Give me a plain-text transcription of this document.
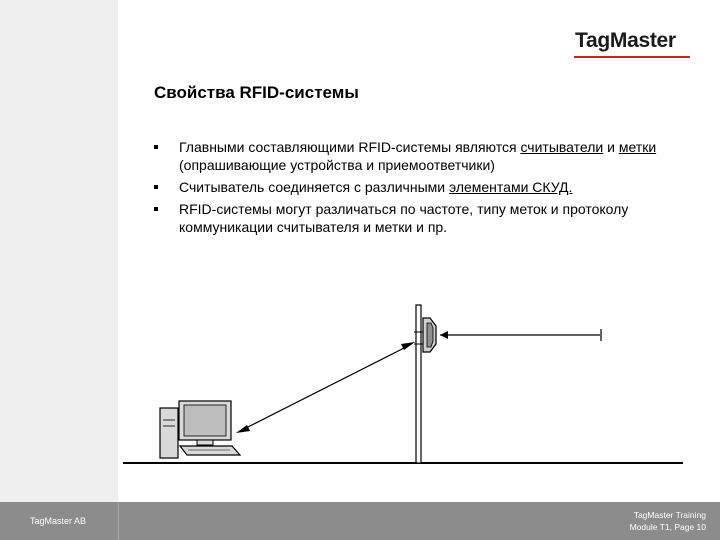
TagMaster
Свойства RFID-системы
Главными составляющими RFID-системы являются считыватели и метки (опрашивающие устройства и приемоответчики)
Считыватель соединяется с различными элементами СКУД.
RFID-системы могут различаться по частоте, типу меток и протоколу коммуникации считывателя и метки и пр.
TagMaster AB
TagMaster Training
Module T1, Page 10
